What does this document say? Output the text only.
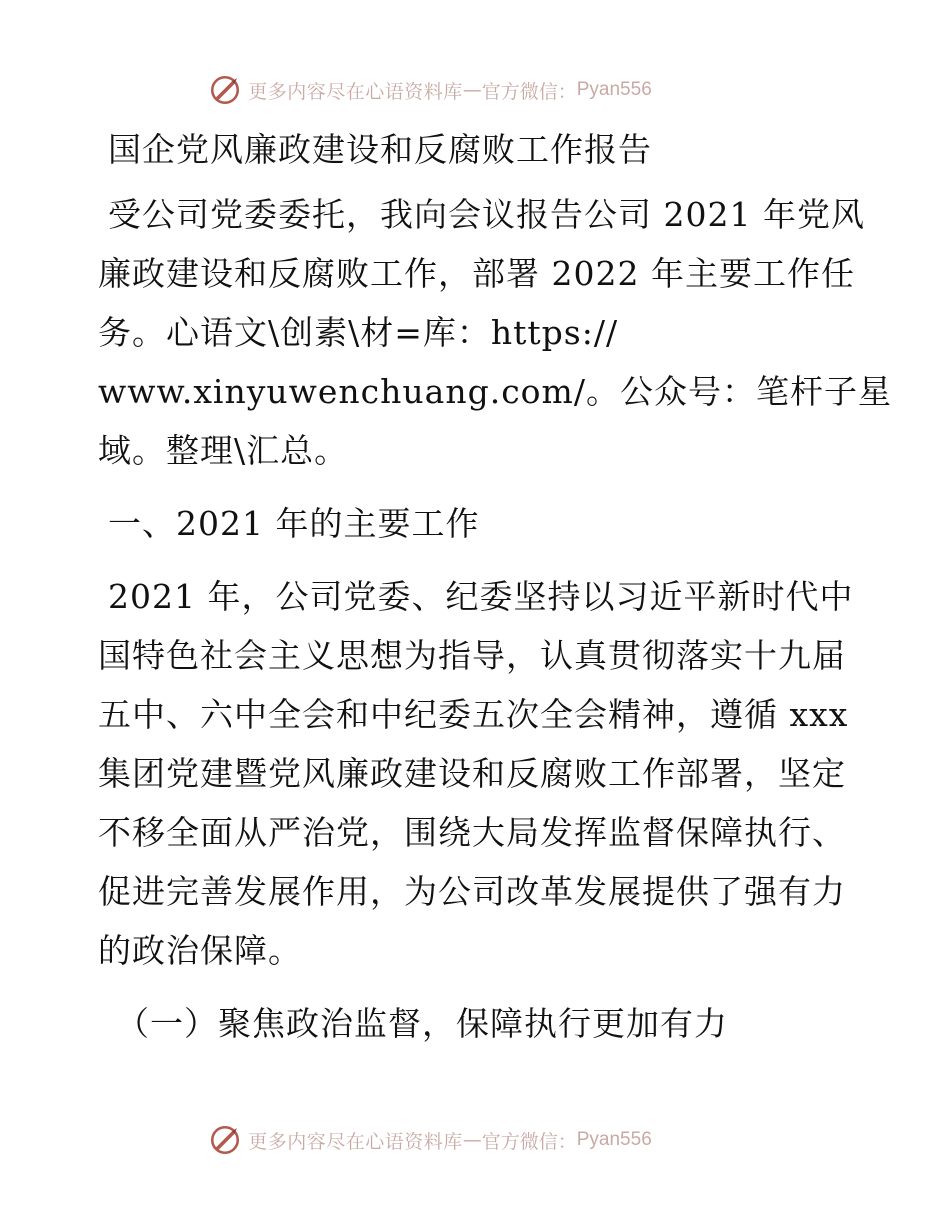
更多内容尽在心语资料库 — 官方微信： Pyan556
国企党风廉政建设和反腐败工作报告
受公司党委委托，我向会议报告公司 2021 年党风
廉政建设和反腐败工作，部署 2022 年主要工作任
务。心语文\创素\材=库：https://
www.xinyuwenchuang.com/。公众号：笔杆子星
域。整理\汇总。
一、2021 年的主要工作
2021 年，公司党委、纪委坚持以习近平新时代中
国特色社会主义思想为指导，认真贯彻落实十九届
五中、六中全会和中纪委五次全会精神，遵循 xxx
集团党建暨党风廉政建设和反腐败工作部署，坚定
不移全面从严治党，围绕大局发挥监督保障执行、
促进完善发展作用，为公司改革发展提供了强有力
的政治保障。
（一）聚焦政治监督，保障执行更加有力
更多内容尽在心语资料库 — 官方微信： Pyan556
